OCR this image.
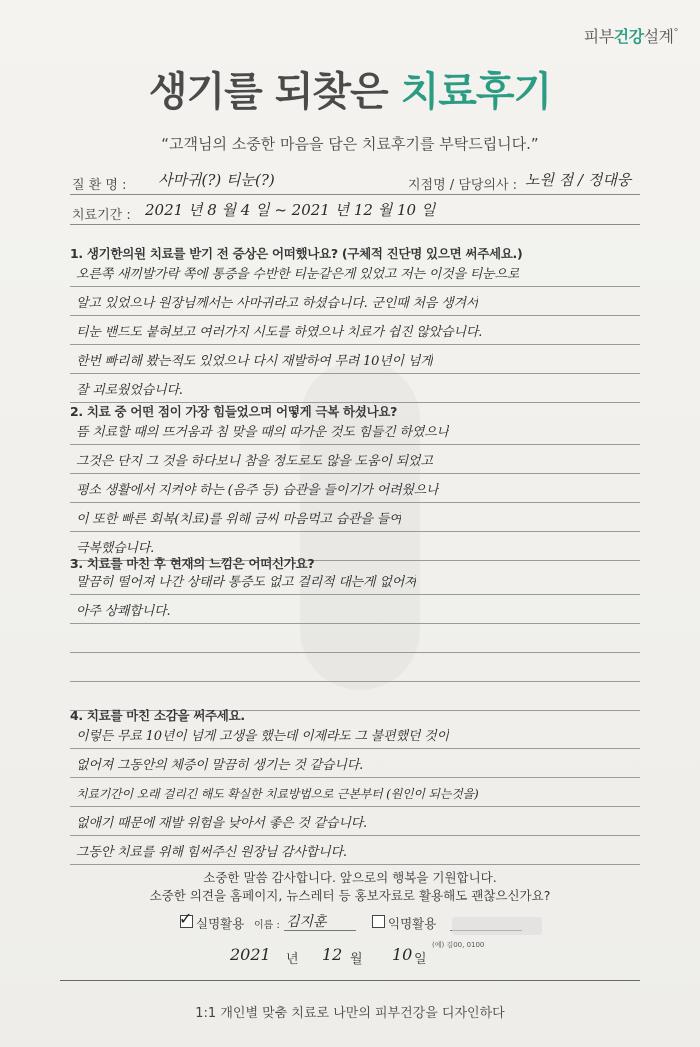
피부건강설계°
생기를 되찾은 치료후기
“고객님의 소중한 마음을 담은 치료후기를 부탁드립니다.”
질 환 명 : 사마귀(?) 티눈(?)	지점명 / 담당의사 : 노원 점 / 정대웅
치료기간 : 2021 년 8 월 4 일 ~ 2021 년 12 월 10 일
1. 생기한의원 치료를 받기 전 증상은 어떠했나요? (구체적 진단명 있으면 써주세요.)
오른쪽 새끼발가락 쪽에 통증을 수반한 티눈같은게 있었고 저는 이것을 티눈으로
알고 있었으나 원장님께서는 사마귀라고 하셨습니다. 군인때 처음 생겨서
티눈 밴드도 붙혀보고 여러가지 시도를 하였으나 치료가 쉽진 않았습니다.
한번 빠리해 봤는적도 있었으나 다시 재발하여 무려 10년이 넘게
잘 괴로웠었습니다.
2. 치료 중 어떤 점이 가장 힘들었으며 어떻게 극복 하셨나요?
뜸 치료할 때의 뜨거움과 침 맞을 때의 따가운 것도 힘들긴 하였으나
그것은 단지 그 것을 하다보니 참을 정도로도 않을 도움이 되었고
평소 생활에서 지켜야 하는 (음주 등) 습관을 들이기가 어려웠으나
이 또한 빠른 회복(치료)를 위해 금씨 마음먹고 습관을 들여
극복했습니다.
3. 치료를 마친 후 현재의 느낌은 어떠신가요?
말끔히 떨어져 나간 상태라 통증도 없고 걸리적 대는게 없어져
아주 상쾌합니다.
4. 치료를 마친 소감을 써주세요.
이렇든 무료 10년이 넘게 고생을 했는데 이제라도 그 불편했던 것이
없어져 그동안의 체증이 말끔히 생기는 것 같습니다.
치료기간이 오래 걸리긴 해도 확실한 치료방법으로 근본부터 (원인이 되는것을)
없애기 때문에 재발 위험을 낮아서 좋은 것 같습니다.
그동안 치료를 위해 힘써주신 원장님 감사합니다.
소중한 말씀 감사합니다. 앞으로의 행복을 기원합니다.
소중한 의견을 홈페이지, 뉴스레터 등 홍보자료로 활용해도 괜찮으신가요?
✓ 실명활용 이름 : 김지훈	익명활용
(예) 김00, 0100
2021 년 12 월 10 일
1:1 개인별 맞춤 치료로 나만의 피부건강을 디자인하다
